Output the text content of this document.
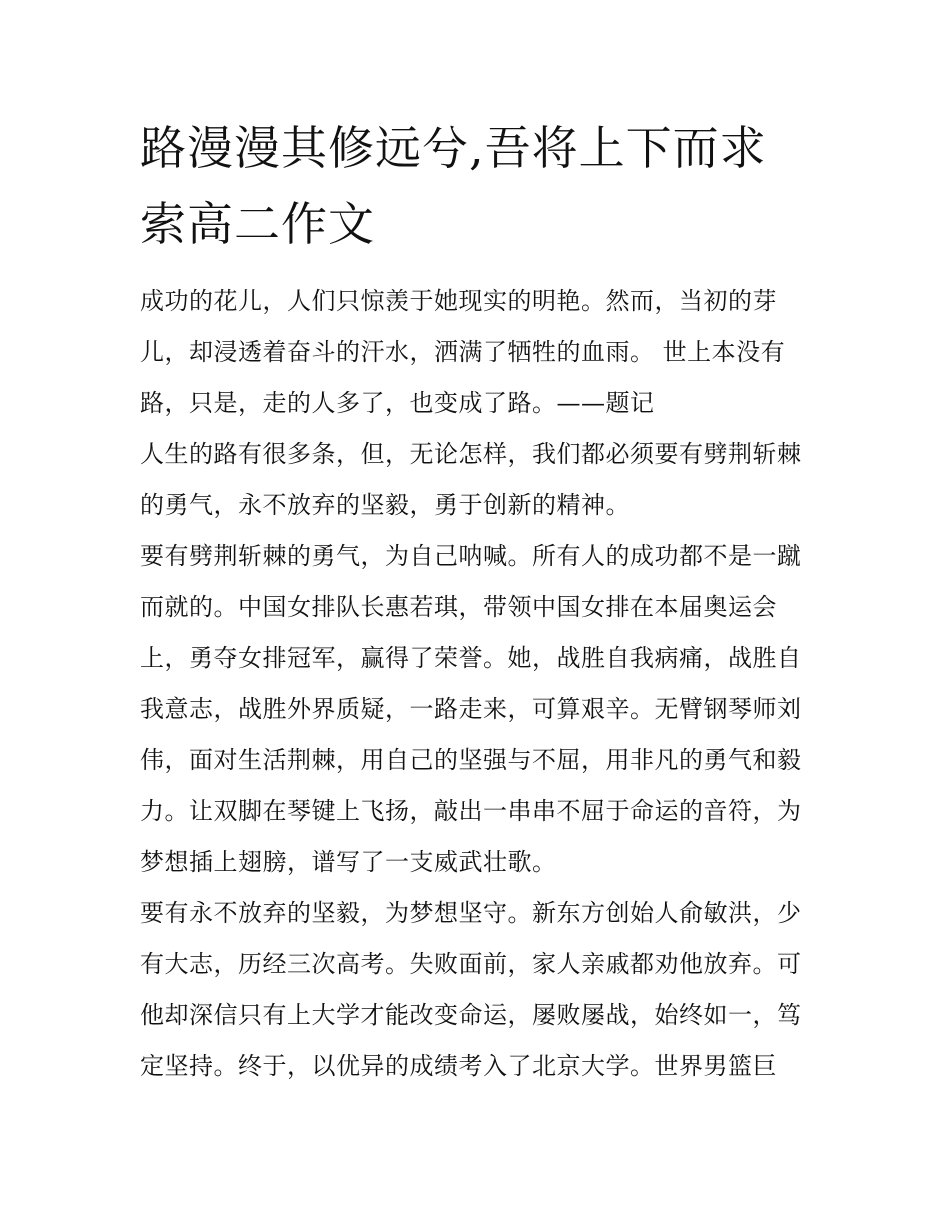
路漫漫其修远兮,吾将上下而求
索高二作文
成功的花儿，人们只惊羡于她现实的明艳。然而，当初的芽
儿，却浸透着奋斗的汗水，洒满了牺牲的血雨。 世上本没有
路，只是，走的人多了，也变成了路。——题记
人生的路有很多条，但，无论怎样，我们都必须要有劈荆斩棘
的勇气，永不放弃的坚毅，勇于创新的精神。
要有劈荆斩棘的勇气，为自己呐喊。所有人的成功都不是一蹴
而就的。中国女排队长惠若琪，带领中国女排在本届奥运会
上，勇夺女排冠军，赢得了荣誉。她，战胜自我病痛，战胜自
我意志，战胜外界质疑，一路走来，可算艰辛。无臂钢琴师刘
伟，面对生活荆棘，用自己的坚强与不屈，用非凡的勇气和毅
力。让双脚在琴键上飞扬，敲出一串串不屈于命运的音符，为
梦想插上翅膀，谱写了一支威武壮歌。
要有永不放弃的坚毅，为梦想坚守。新东方创始人俞敏洪，少
有大志，历经三次高考。失败面前，家人亲戚都劝他放弃。可
他却深信只有上大学才能改变命运，屡败屡战，始终如一，笃
定坚持。终于，以优异的成绩考入了北京大学。世界男篮巨
